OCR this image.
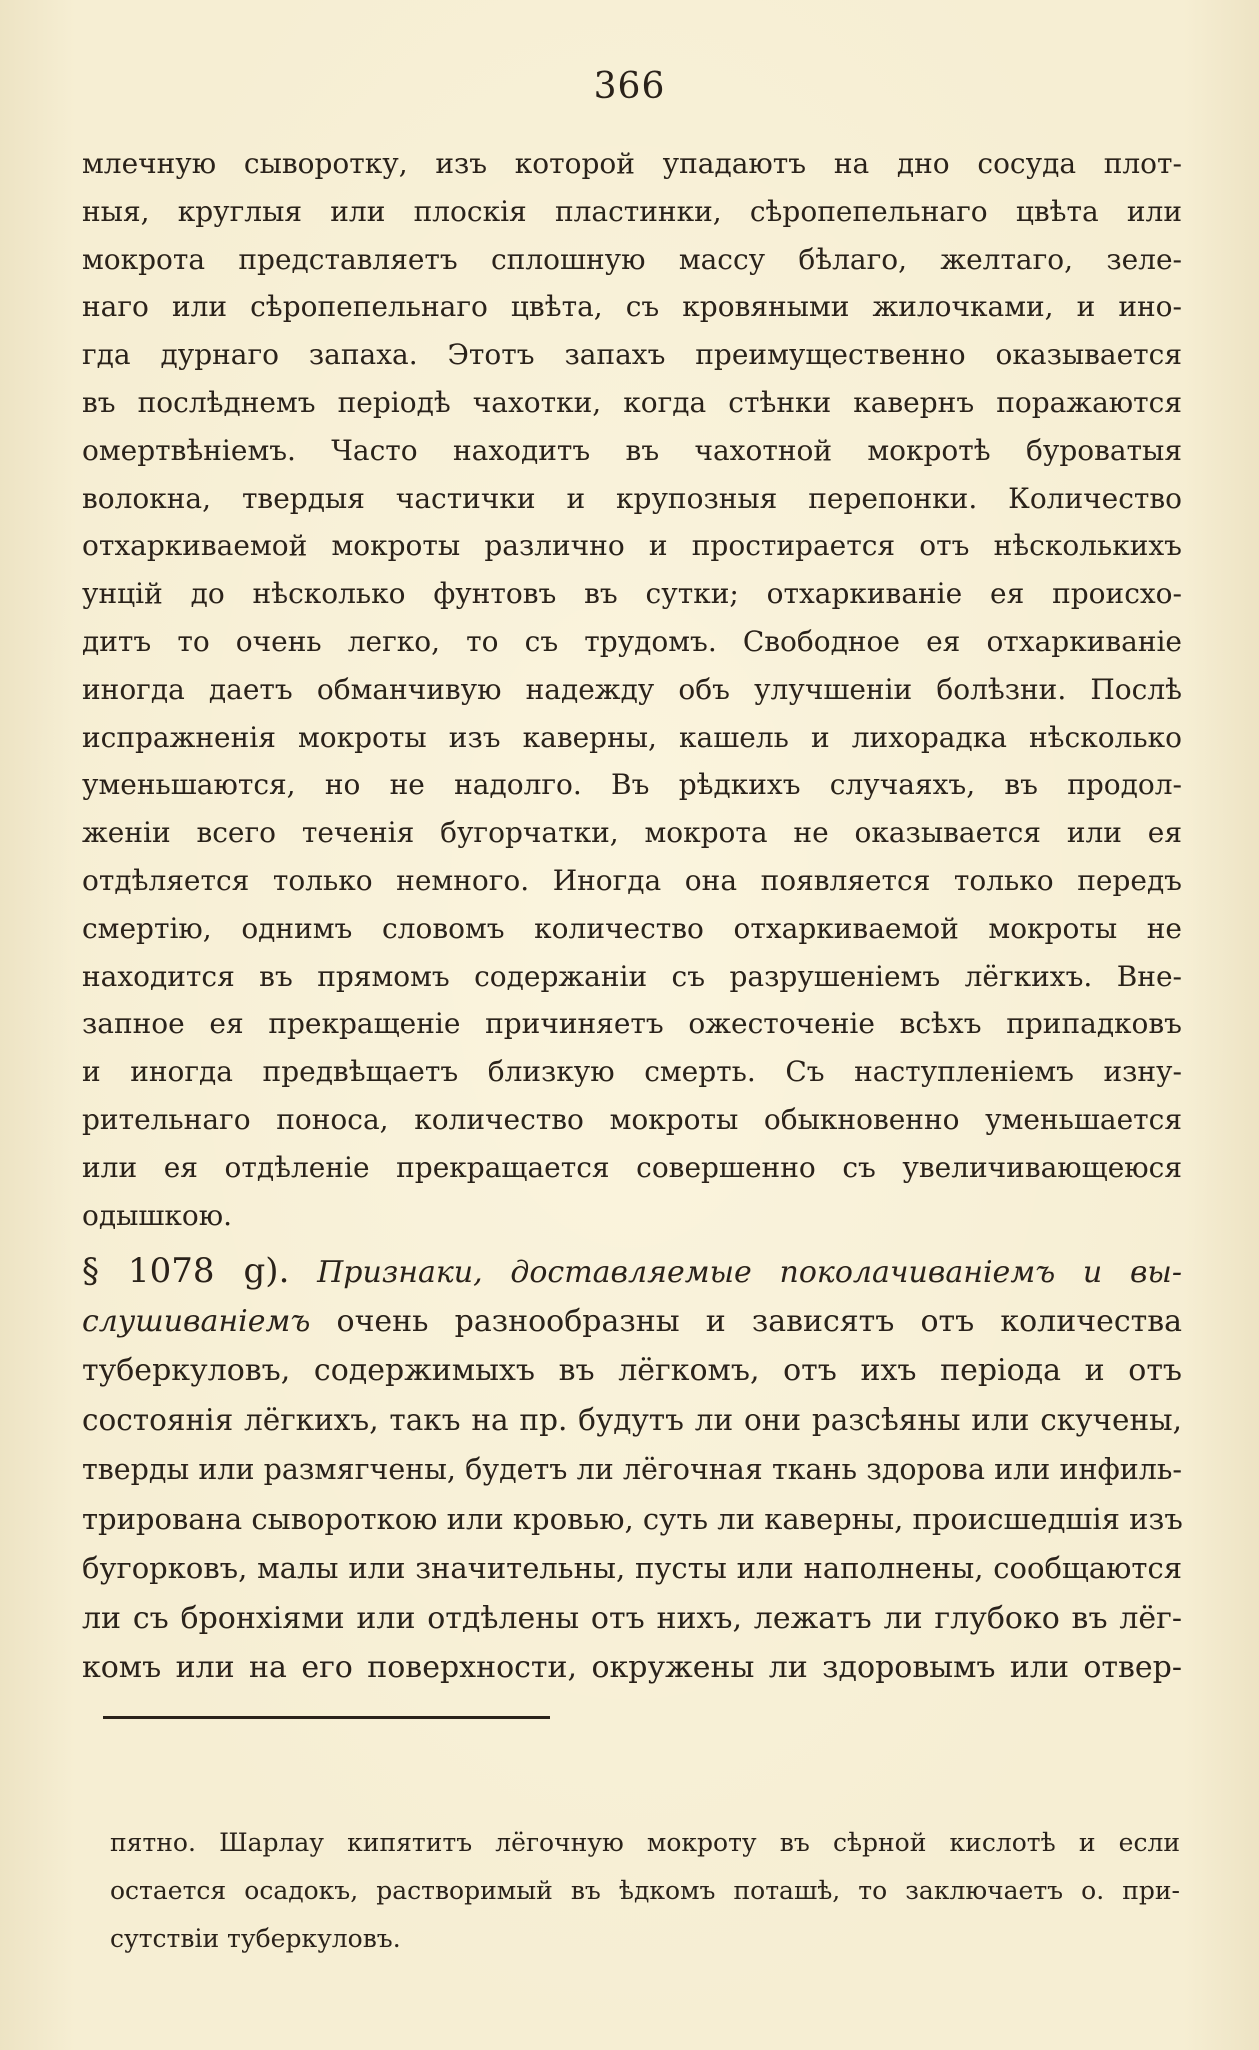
366
млечную сыворотку, изъ которой упадаютъ на дно сосуда плот-
ныя, круглыя или плоскія пластинки, сѣропепельнаго цвѣта или
мокрота представляетъ сплошную массу бѣлаго, желтаго, зеле-
наго или сѣропепельнаго цвѣта, съ кровяными жилочками, и ино-
гда дурнаго запаха. Этотъ запахъ преимущественно оказывается
въ послѣднемъ періодѣ чахотки, когда стѣнки кавернъ поражаются
омертвѣніемъ. Часто находитъ въ чахотной мокротѣ буроватыя
волокна, твердыя частички и крупозныя перепонки. Количество
отхаркиваемой мокроты различно и простирается отъ нѣсколькихъ
унцій до нѣсколько фунтовъ въ сутки; отхаркиваніе ея происхо-
дитъ то очень легко, то съ трудомъ. Свободное ея отхаркиваніе
иногда даетъ обманчивую надежду объ улучшеніи болѣзни. Послѣ
испражненія мокроты изъ каверны, кашель и лихорадка нѣсколько
уменьшаются, но не надолго. Въ рѣдкихъ случаяхъ, въ продол-
женіи всего теченія бугорчатки, мокрота не оказывается или ея
отдѣляется только немного. Иногда она появляется только передъ
смертію, однимъ словомъ количество отхаркиваемой мокроты не
находится въ прямомъ содержаніи съ разрушеніемъ лёгкихъ. Вне-
запное ея прекращеніе причиняетъ ожесточеніе всѣхъ припадковъ
и иногда предвѣщаетъ близкую смерть. Съ наступленіемъ изну-
рительнаго поноса, количество мокроты обыкновенно уменьшается
или ея отдѣленіе прекращается совершенно съ увеличивающеюся
одышкою.
§ 1078 g). Признаки, доставляемые поколачиваніемъ и вы-
слушиваніемъ очень разнообразны и зависятъ отъ количества
туберкуловъ, содержимыхъ въ лёгкомъ, отъ ихъ періода и отъ
состоянія лёгкихъ, такъ на пр. будутъ ли они разсѣяны или скучены,
тверды или размягчены, будетъ ли лёгочная ткань здорова или инфиль-
трирована сывороткою или кровью, суть ли каверны, происшедшія изъ
бугорковъ, малы или значительны, пусты или наполнены, сообщаются
ли съ бронхіями или отдѣлены отъ нихъ, лежатъ ли глубоко въ лёг-
комъ или на его поверхности, окружены ли здоровымъ или отвер-
пятно. Шарлау кипятитъ лёгочную мокроту въ сѣрной кислотѣ и если
остается осадокъ, растворимый въ ѣдкомъ поташѣ, то заключаетъ о. при-
сутствіи туберкуловъ.
